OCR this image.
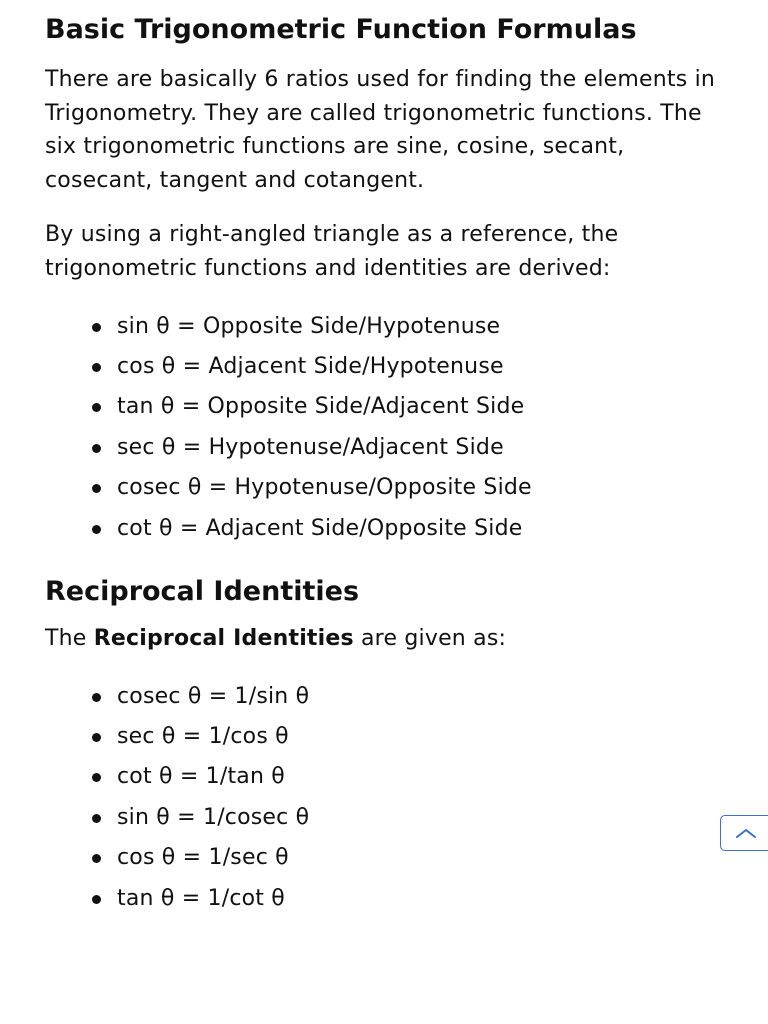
Basic Trigonometric Function Formulas

There are basically 6 ratios used for finding the elements in Trigonometry. They are called trigonometric functions. The six trigonometric functions are sine, cosine, secant, cosecant, tangent and cotangent.

By using a right-angled triangle as a reference, the trigonometric functions and identities are derived:

sin θ = Opposite Side/Hypotenuse
cos θ = Adjacent Side/Hypotenuse
tan θ = Opposite Side/Adjacent Side
sec θ = Hypotenuse/Adjacent Side
cosec θ = Hypotenuse/Opposite Side
cot θ = Adjacent Side/Opposite Side
Reciprocal Identities

The Reciprocal Identities are given as:

cosec θ = 1/sin θ
sec θ = 1/cos θ
cot θ = 1/tan θ
sin θ = 1/cosec θ
cos θ = 1/sec θ
tan θ = 1/cot θ
